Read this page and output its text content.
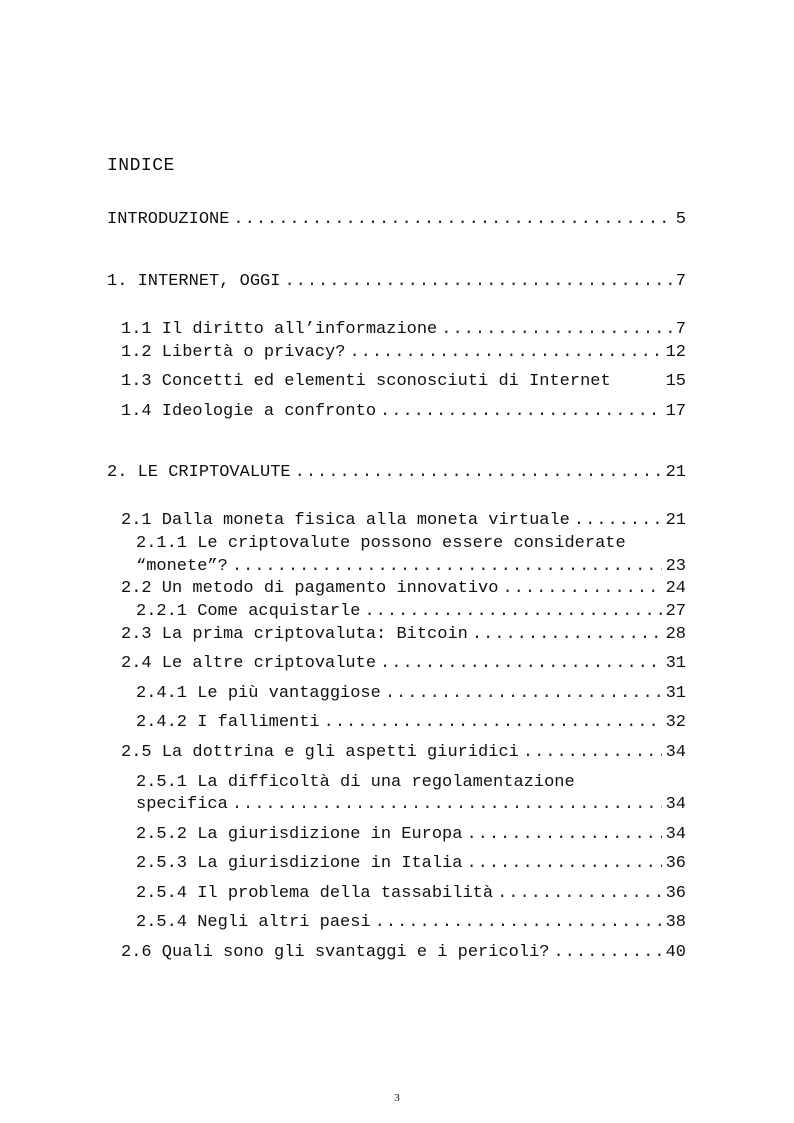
INDICE
INTRODUZIONE .....	5
1. INTERNET, OGGI .....	7
1.1 Il diritto all’informazione .....	7
1.2 Libertà o privacy? .....	12
1.3 Concetti ed elementi sconosciuti di Internet	15
1.4 Ideologie a confronto .....	17
2. LE CRIPTOVALUTE .....	21
2.1 Dalla moneta fisica alla moneta virtuale .....	21
2.1.1 Le criptovalute possono essere considerate
“monete”? .....	23
2.2 Un metodo di pagamento innovativo .....	24
2.2.1 Come acquistarle .....	27
2.3 La prima criptovaluta: Bitcoin .....	28
2.4 Le altre criptovalute .....	31
2.4.1 Le più vantaggiose .....	31
2.4.2 I fallimenti .....	32
2.5 La dottrina e gli aspetti giuridici .....	34
2.5.1 La difficoltà di una regolamentazione
specifica .....	34
2.5.2 La giurisdizione in Europa .....	34
2.5.3 La giurisdizione in Italia .....	36
2.5.4 Il problema della tassabilità .....	36
2.5.4 Negli altri paesi .....	38
2.6 Quali sono gli svantaggi e i pericoli? .....	40
3
